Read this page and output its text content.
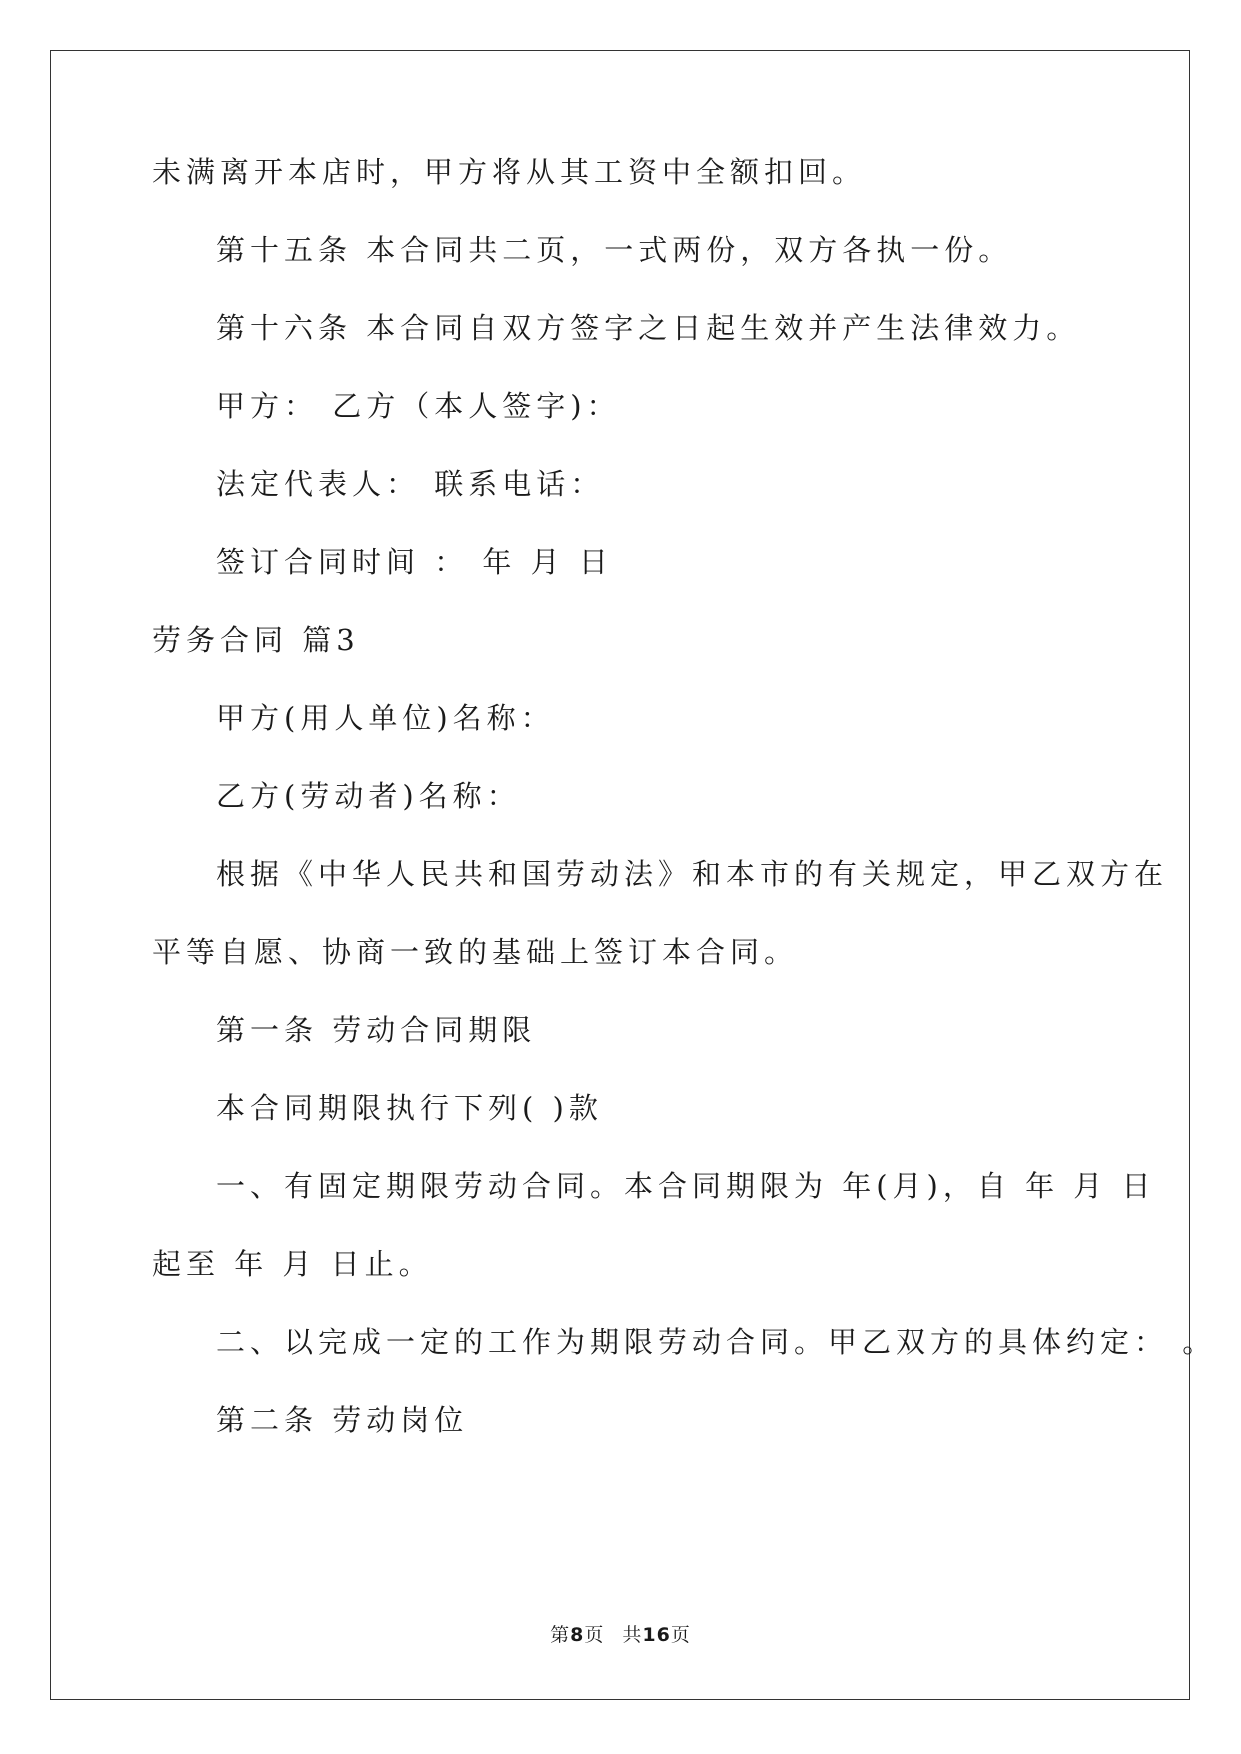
未满离开本店时，甲方将从其工资中全额扣回。
第十五条 本合同共二页，一式两份，双方各执一份。
第十六条 本合同自双方签字之日起生效并产生法律效力。
甲方： 乙方（本人签字)：
法定代表人： 联系电话：
签订合同时间 ： 年 月 日
劳务合同 篇3
甲方(用人单位)名称：
乙方(劳动者)名称：
根据《中华人民共和国劳动法》和本市的有关规定，甲乙双方在
平等自愿、协商一致的基础上签订本合同。
第一条 劳动合同期限
本合同期限执行下列( )款
一、有固定期限劳动合同。本合同期限为 年(月)，自 年 月 日
起至 年 月 日止。
二、以完成一定的工作为期限劳动合同。甲乙双方的具体约定： 。
第二条 劳动岗位
第8页 共16页
